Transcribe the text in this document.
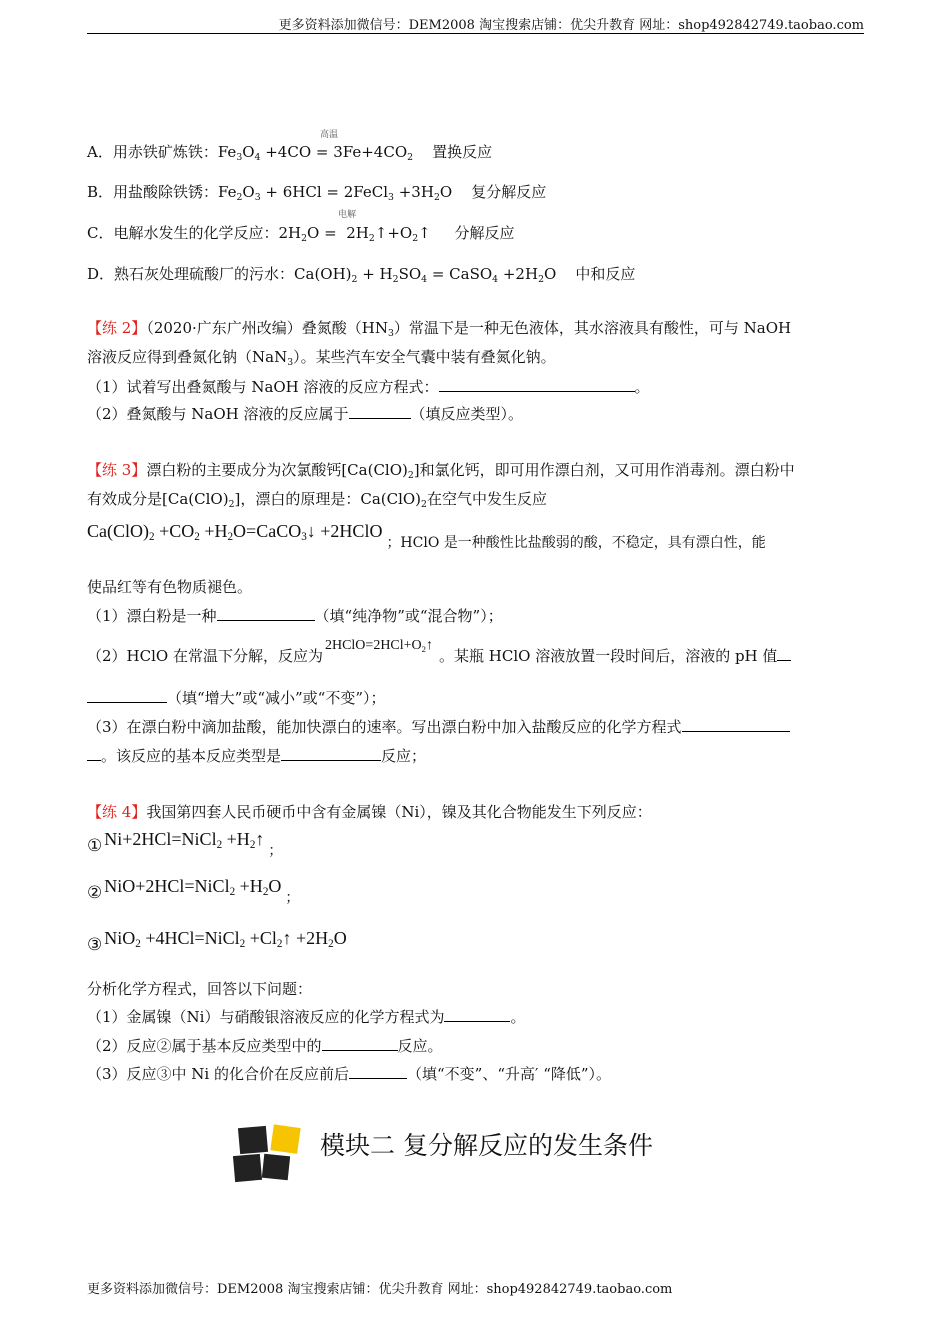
更多资料添加微信号：DEM2008 淘宝搜索店铺：优尖升教育 网址：shop492842749.taobao.com
高温
A．用赤铁矿炼铁：$Fe_3O_4 +4CO = 3Fe+4CO_2$ 置换反应
B．用盐酸除铁锈：$Fe_2O_3 + 6HCl$ = 2FeCl$_3$ $+3H_2O$    复分解反应
电解
C．电解水发生的化学反应：$2H_2O$ =  $2H_2↑+O_2↑$     分解反应
D．熟石灰处理硫酸厂的污水：$Ca(OH)_2 + H_2SO_4$ = CaSO$_4$ $+2H_2O$    中和反应
【练 2】（2020·广东广州改编）叠氮酸$(HN_3)$常温下是一种无色液体，其水溶液具有酸性，可与 NaOH
溶液反应得到叠氮化钠（NaN$_3$）。某些汽车安全气囊中装有叠氮化钠。
（1）试着写出叠氮酸与 NaOH 溶液的反应方程式：	。
（2）叠氮酸与 NaOH 溶液的反应属于	（填反应类型）。
【练 3】漂白粉的主要成分为次氯酸钙$[Ca(ClO)_2]$和氯化钙，即可用作漂白剂，又可用作消毒剂。漂白粉中
有效成分是$[Ca(ClO)_2]$，漂白的原理是：$Ca(ClO)_2$在空气中发生反应
$Ca(ClO)_2 +CO_2$ $+H_2O=CaCO_3↓$ +2HClO；HClO 是一种酸性比盐酸弱的酸，不稳定，具有漂白性，能
使品红等有色物质褪色。
（1）漂白粉是一种	（填“纯净物”或“混合物”）；
（2）HClO 在常温下分解，反应为$2HClO=2HCl+O_2↑$。某瓶 HClO 溶液放置一段时间后，溶液的 pH 值
（填“增大”或“减小”或“不变”）；
（3）在漂白粉中滴加盐酸，能加快漂白的速率。写出漂白粉中加入盐酸反应的化学方程式
。该反应的基本反应类型是	反应；
【练 4】我国第四套人民币硬币中含有金属镍（Ni），镍及其化合物能发生下列反应：
① Ni+2HCl=NiCl$_2$ $+H_2↑$；
② NiO+2HCl=NiCl$_2$ $+H_2O$；
③ NiO$_2$ +4HCl=NiCl$_2$ $+Cl_2↑ +2H_2O$
分析化学方程式，回答以下问题：
（1）金属镍（Ni）与硝酸银溶液反应的化学方程式为	。
（2）反应②属于基本反应类型中的	反应。
（3）反应③中 Ni 的化合价在反应前后	（填“不变”、“升高′ “降低”）。
模块二 复分解反应的发生条件
更多资料添加微信号：DEM2008 淘宝搜索店铺：优尖升教育 网址：shop492842749.taobao.com
